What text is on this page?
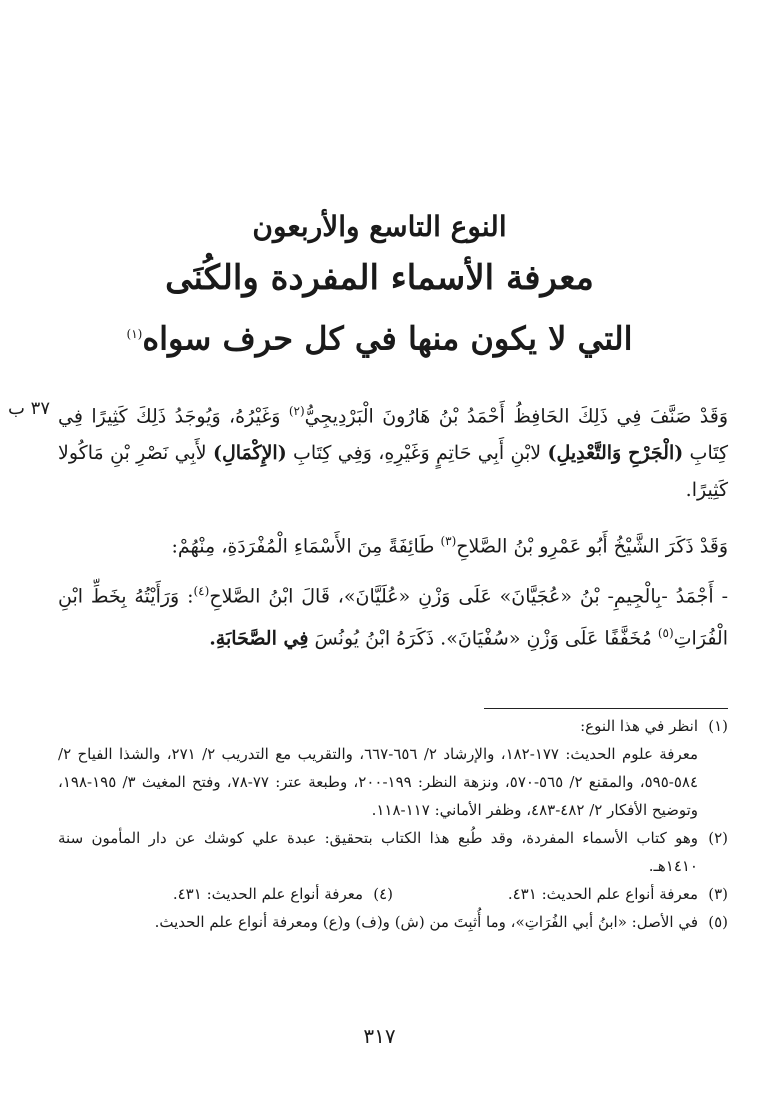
النوع التاسع والأربعون

معرفة الأسماء المفردة والكُنَى

التي لا يكون منها في كل حرف سواه$^{(١)}$

٣٧ ب	وَقَدْ صَنَّفَ فِي ذَلِكَ الحَافِظُ أَحْمَدُ بْنُ هَارُونَ الْبَرْدِيجِيُّ$^{(٢)}$ وَغَيْرُهُ، وَيُوجَدُ ذَلِكَ كَثِيرًا فِي كِتَابِ (الْجَرْحِ وَالتَّعْدِيلِ) لابْنِ أَبِي حَاتِمٍ وَغَيْرِهِ، وَفِي كِتَابِ (الإِكْمَالِ) لأَبِي نَصْرِ بْنِ مَاكُولا كَثِيرًا.

وَقَدْ ذَكَرَ الشَّيْخُ أَبُو عَمْرِو بْنُ الصَّلاحِ$^{(٣)}$ طَائِفَةً مِنَ الأَسْمَاءِ الْمُفْرَدَةِ، مِنْهُمْ:

- أَجْمَدُ -بِالْجِيمِ- بْنُ «عُجَيَّانَ» عَلَى وَزْنِ «عُلَيَّانَ»، قَالَ ابْنُ الصَّلاحِ$^{(٤)}$: وَرَأَيْتُهُ بِخَطِّ ابْنِ الْفُرَاتِ$^{(٥)}$ مُخَفَّفًا عَلَى وَزْنِ «سُفْيَانَ». ذَكَرَهُ ابْنُ يُونُسَ فِي الصَّحَابَةِ.

(١)
انظر في هذا النوع:

معرفة علوم الحديث: ١٧٧-١٨٢، والإرشاد ٢/ ٦٥٦-٦٦٧، والتقريب مع التدريب ٢/ ٢٧١، والشذا الفياح ٢/ ٥٨٤-٥٩٥، والمقنع ٢/ ٥٦٥-٥٧٠، ونزهة النظر: ١٩٩-٢٠٠، وطبعة عتر: ٧٧-٧٨، وفتح المغيث ٣/ ١٩٥-١٩٨، وتوضيح الأفكار ٢/ ٤٨٢-٤٨٣، وظفر الأماني: ١١٧-١١٨.

(٢)
وهو كتاب الأسماء المفردة، وقد طُبع هذا الكتاب بتحقيق: عبدة علي كوشك عن دار المأمون سنة ١٤١٠هـ.
(٣)
معرفة أنواع علم الحديث: ٤٣١.
(٤)
معرفة أنواع علم الحديث: ٤٣١.
(٥)
في الأصل: «ابنُ أبي الفُرَاتِ»، وما أُثبِتَ من (ش) و(ف) و(ع) ومعرفة أنواع علم الحديث.
٣١٧
